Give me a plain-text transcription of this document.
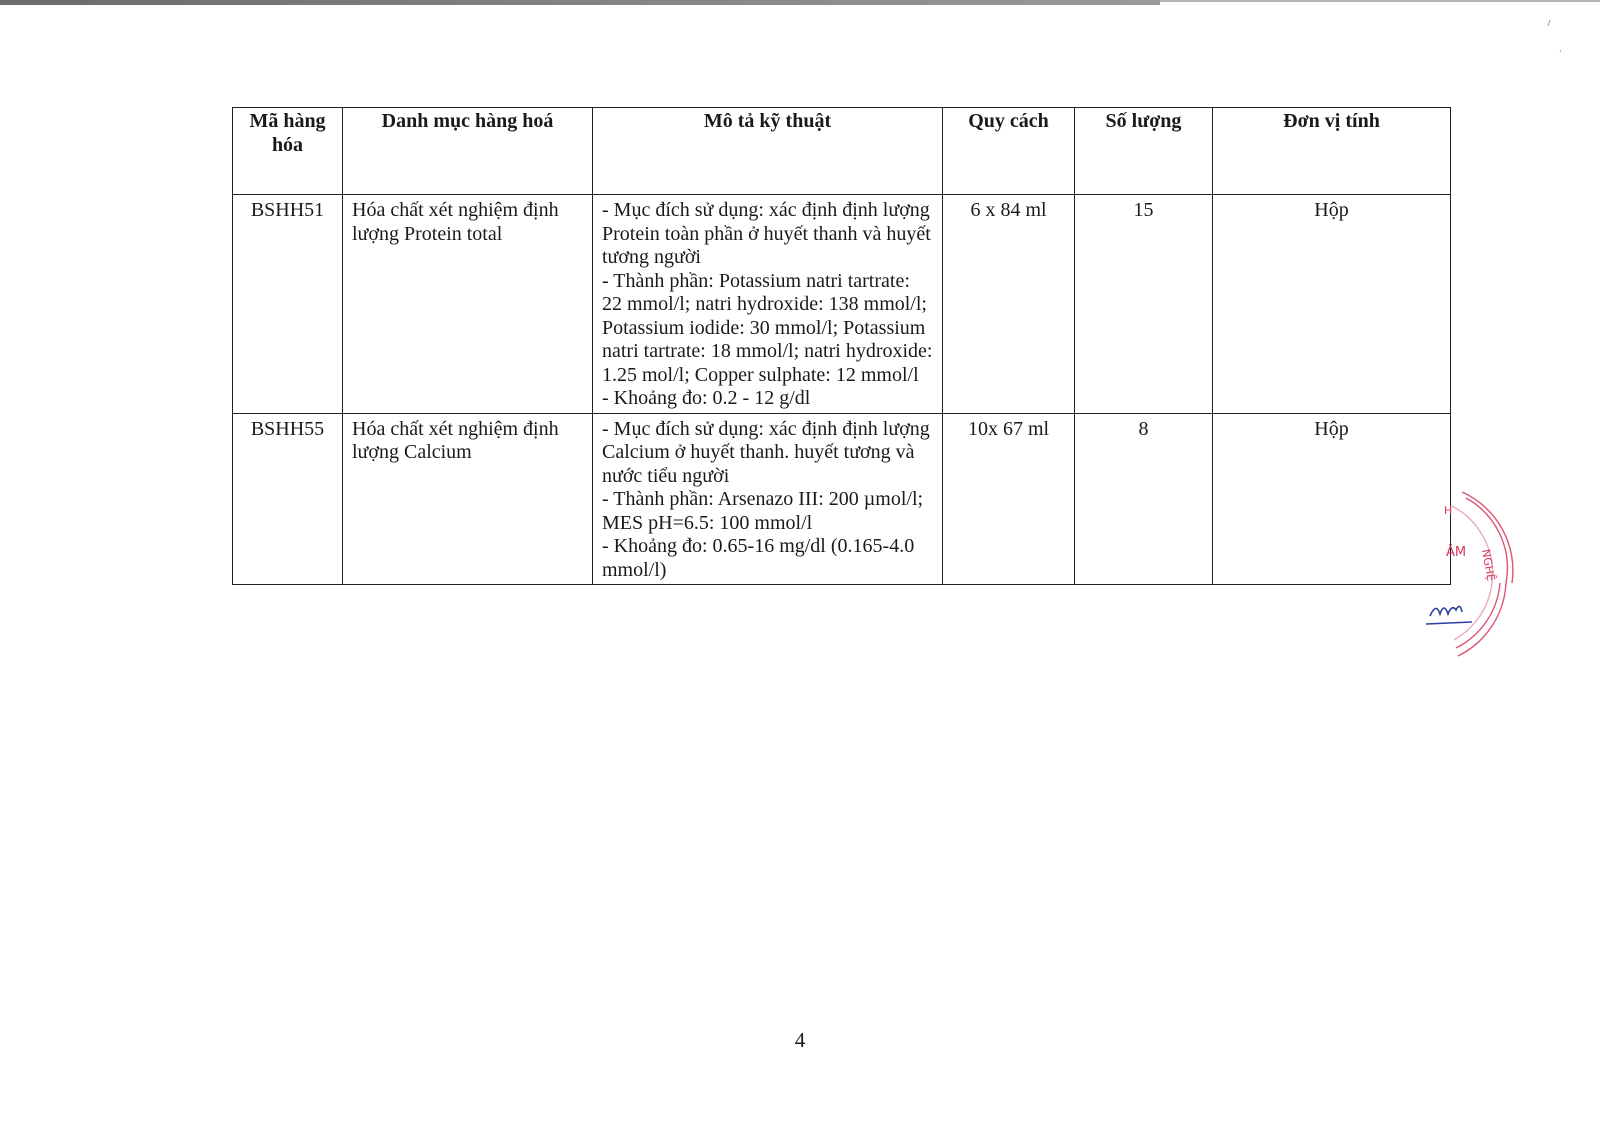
Mã hàng hóa	Danh mục hàng hoá	Mô tả kỹ thuật	Quy cách	Số lượng	Đơn vị tính
BSHH51	Hóa chất xét nghiệm định lượng Protein total	- Mục đích sử dụng: xác định định lượng Protein toàn phần ở huyết thanh và huyết tương người
- Thành phần: Potassium natri tartrate: 22 mmol/l; natri hydroxide: 138 mmol/l; Potassium iodide: 30 mmol/l; Potassium natri tartrate: 18 mmol/l; natri hydroxide: 1.25 mol/l; Copper sulphate: 12 mmol/l
- Khoảng đo: 0.2 - 12 g/dl	6 x 84 ml	15	Hộp
BSHH55	Hóa chất xét nghiệm định lượng Calcium	- Mục đích sử dụng: xác định định lượng Calcium ở huyết thanh. huyết tương và nước tiểu người
- Thành phần: Arsenazo III: 200 µmol/l; MES pH=6.5: 100 mmol/l
- Khoảng đo: 0.65-16 mg/dl (0.165-4.0 mmol/l)	10x 67 ml	8	Hộp
ÂM NGHỆ
H
4
